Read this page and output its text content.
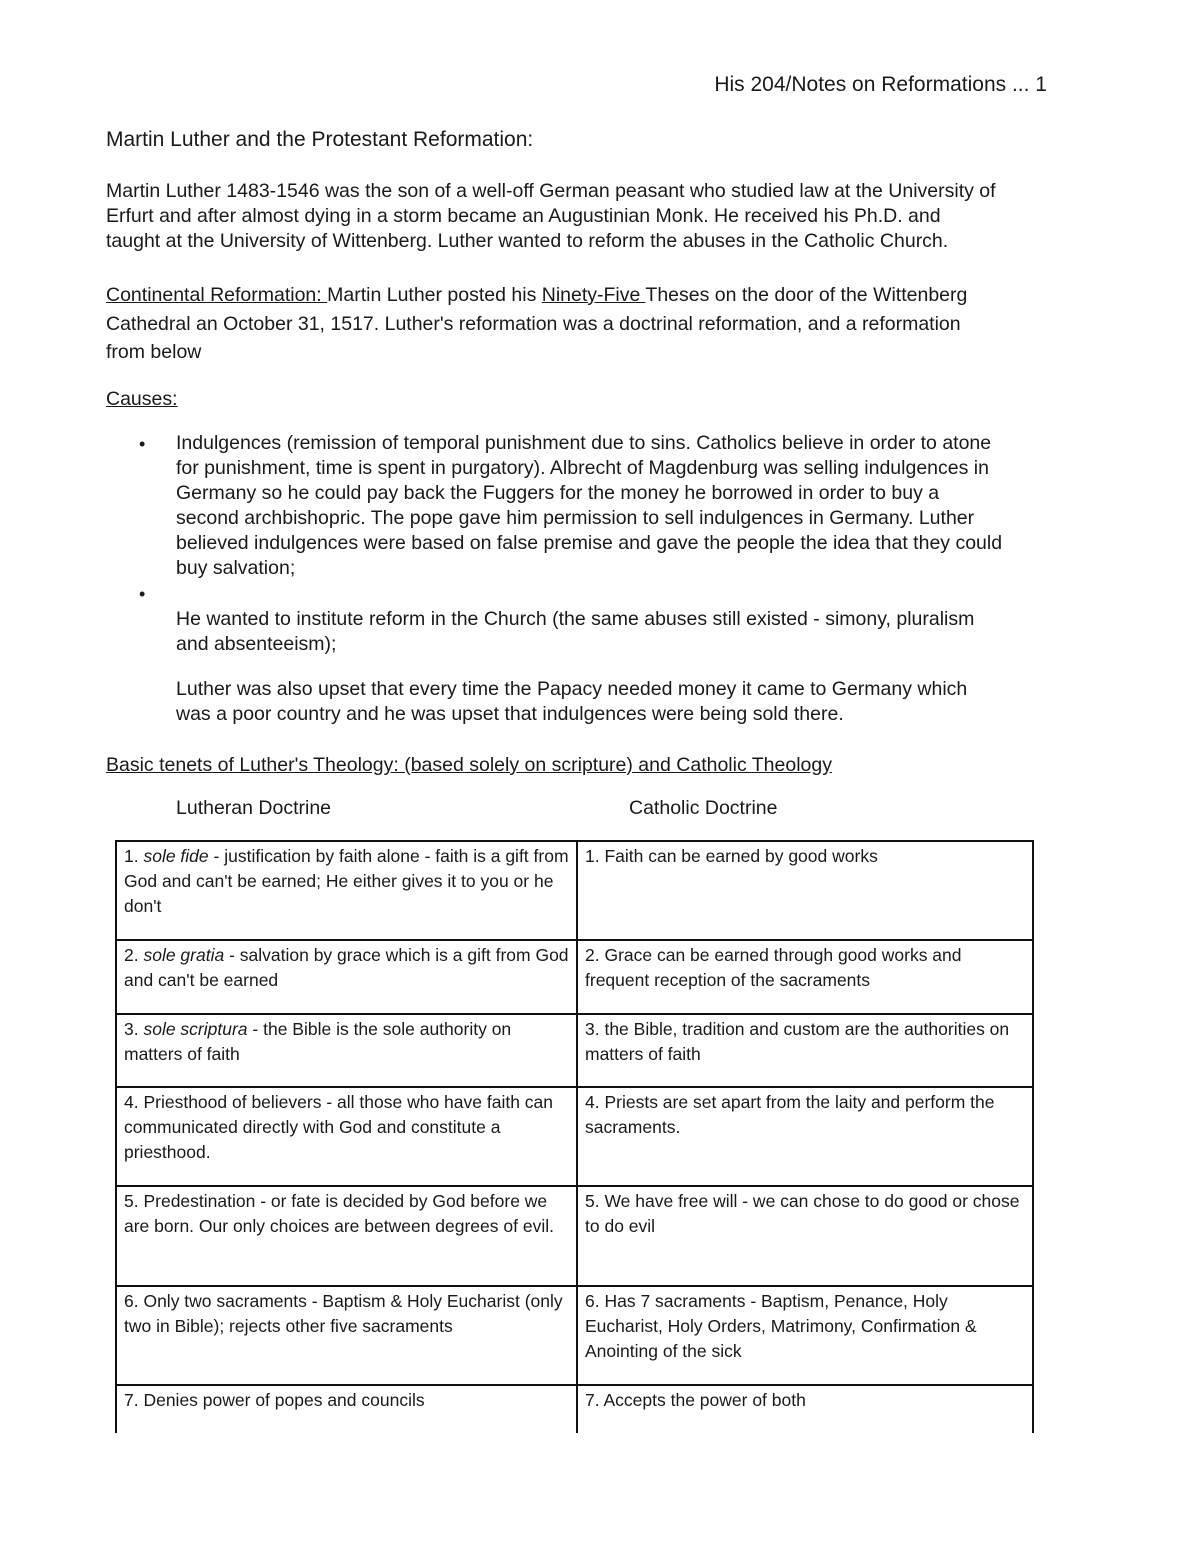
His 204/Notes on Reformations ... 1
Martin Luther and the Protestant Reformation:
Martin Luther 1483-1546 was the son of a well-off German peasant who studied law at the University of
Erfurt and after almost dying in a storm became an Augustinian Monk. He received his Ph.D. and
taught at the University of Wittenberg. Luther wanted to reform the abuses in the Catholic Church.
Continental Reformation: Martin Luther posted his Ninety-Five Theses on the door of the Wittenberg
Cathedral an October 31, 1517. Luther's reformation was a doctrinal reformation, and a reformation
from below
Causes:
• Indulgences (remission of temporal punishment due to sins. Catholics believe in order to atone
for punishment, time is spent in purgatory). Albrecht of Magdenburg was selling indulgences in
Germany so he could pay back the Fuggers for the money he borrowed in order to buy a
second archbishopric. The pope gave him permission to sell indulgences in Germany. Luther
believed indulgences were based on false premise and gave the people the idea that they could
buy salvation;
•
He wanted to institute reform in the Church (the same abuses still existed - simony, pluralism
and absenteeism);
Luther was also upset that every time the Papacy needed money it came to Germany which
was a poor country and he was upset that indulgences were being sold there.
Basic tenets of Luther's Theology: (based solely on scripture) and Catholic Theology
Lutheran Doctrine	Catholic Doctrine
1. sole fide - justification by faith alone - faith is a gift from God and can't be earned; He either gives it to you or he don't	1. Faith can be earned by good works
2. sole gratia - salvation by grace which is a gift from God and can't be earned	2. Grace can be earned through good works and frequent reception of the sacraments
3. sole scriptura - the Bible is the sole authority on matters of faith	3. the Bible, tradition and custom are the authorities on matters of faith
4. Priesthood of believers - all those who have faith can communicated directly with God and constitute a priesthood.	4. Priests are set apart from the laity and perform the sacraments.
5. Predestination - or fate is decided by God before we are born. Our only choices are between degrees of evil.	5. We have free will - we can chose to do good or chose to do evil
6. Only two sacraments - Baptism & Holy Eucharist (only two in Bible); rejects other five sacraments	6. Has 7 sacraments - Baptism, Penance, Holy Eucharist, Holy Orders, Matrimony, Confirmation & Anointing of the sick
7. Denies power of popes and councils	7. Accepts the power of both
